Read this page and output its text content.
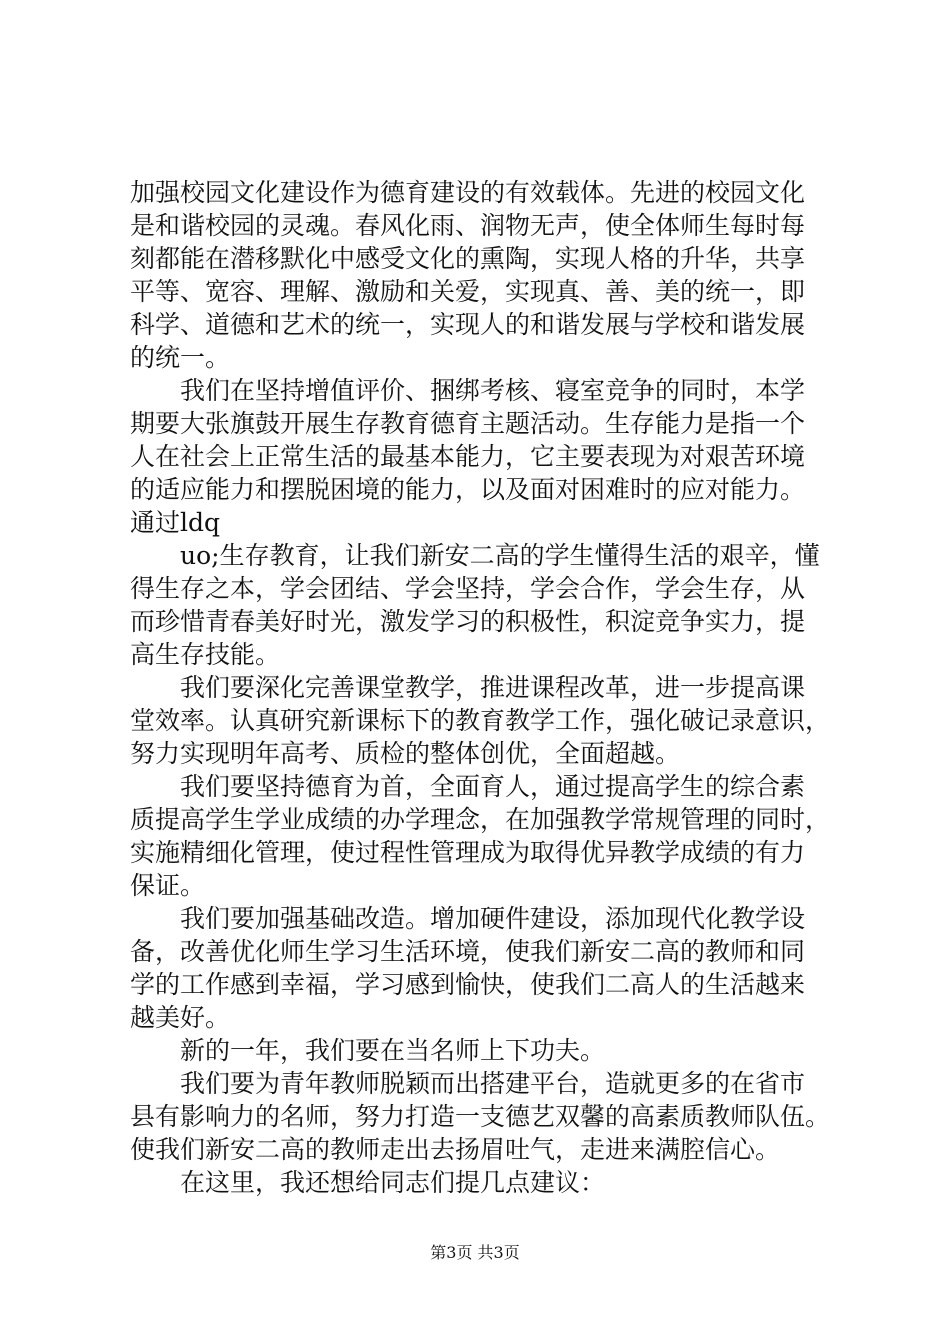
加强校园文化建设作为德育建设的有效载体。先进的校园文化
是和谐校园的灵魂。春风化雨、润物无声，使全体师生每时每
刻都能在潜移默化中感受文化的熏陶，实现人格的升华，共享
平等、宽容、理解、激励和关爱，实现真、善、美的统一，即
科学、道德和艺术的统一，实现人的和谐发展与学校和谐发展
的统一。
　　我们在坚持增值评价、捆绑考核、寝室竞争的同时，本学
期要大张旗鼓开展生存教育德育主题活动。生存能力是指一个
人在社会上正常生活的最基本能力，它主要表现为对艰苦环境
的适应能力和摆脱困境的能力，以及面对困难时的应对能力。
通过ldq
　　uo;生存教育，让我们新安二高的学生懂得生活的艰辛，懂
得生存之本，学会团结、学会坚持，学会合作，学会生存，从
而珍惜青春美好时光，激发学习的积极性，积淀竞争实力，提
高生存技能。
　　我们要深化完善课堂教学，推进课程改革，进一步提高课
堂效率。认真研究新课标下的教育教学工作，强化破记录意识，
努力实现明年高考、质检的整体创优，全面超越。
　　我们要坚持德育为首，全面育人，通过提高学生的综合素
质提高学生学业成绩的办学理念，在加强教学常规管理的同时，
实施精细化管理，使过程性管理成为取得优异教学成绩的有力
保证。
　　我们要加强基础改造。增加硬件建设，添加现代化教学设
备，改善优化师生学习生活环境，使我们新安二高的教师和同
学的工作感到幸福，学习感到愉快，使我们二高人的生活越来
越美好。
　　新的一年，我们要在当名师上下功夫。
　　我们要为青年教师脱颖而出搭建平台，造就更多的在省市
县有影响力的名师，努力打造一支德艺双馨的高素质教师队伍。
使我们新安二高的教师走出去扬眉吐气，走进来满腔信心。
　　在这里，我还想给同志们提几点建议：
第3页 共3页
